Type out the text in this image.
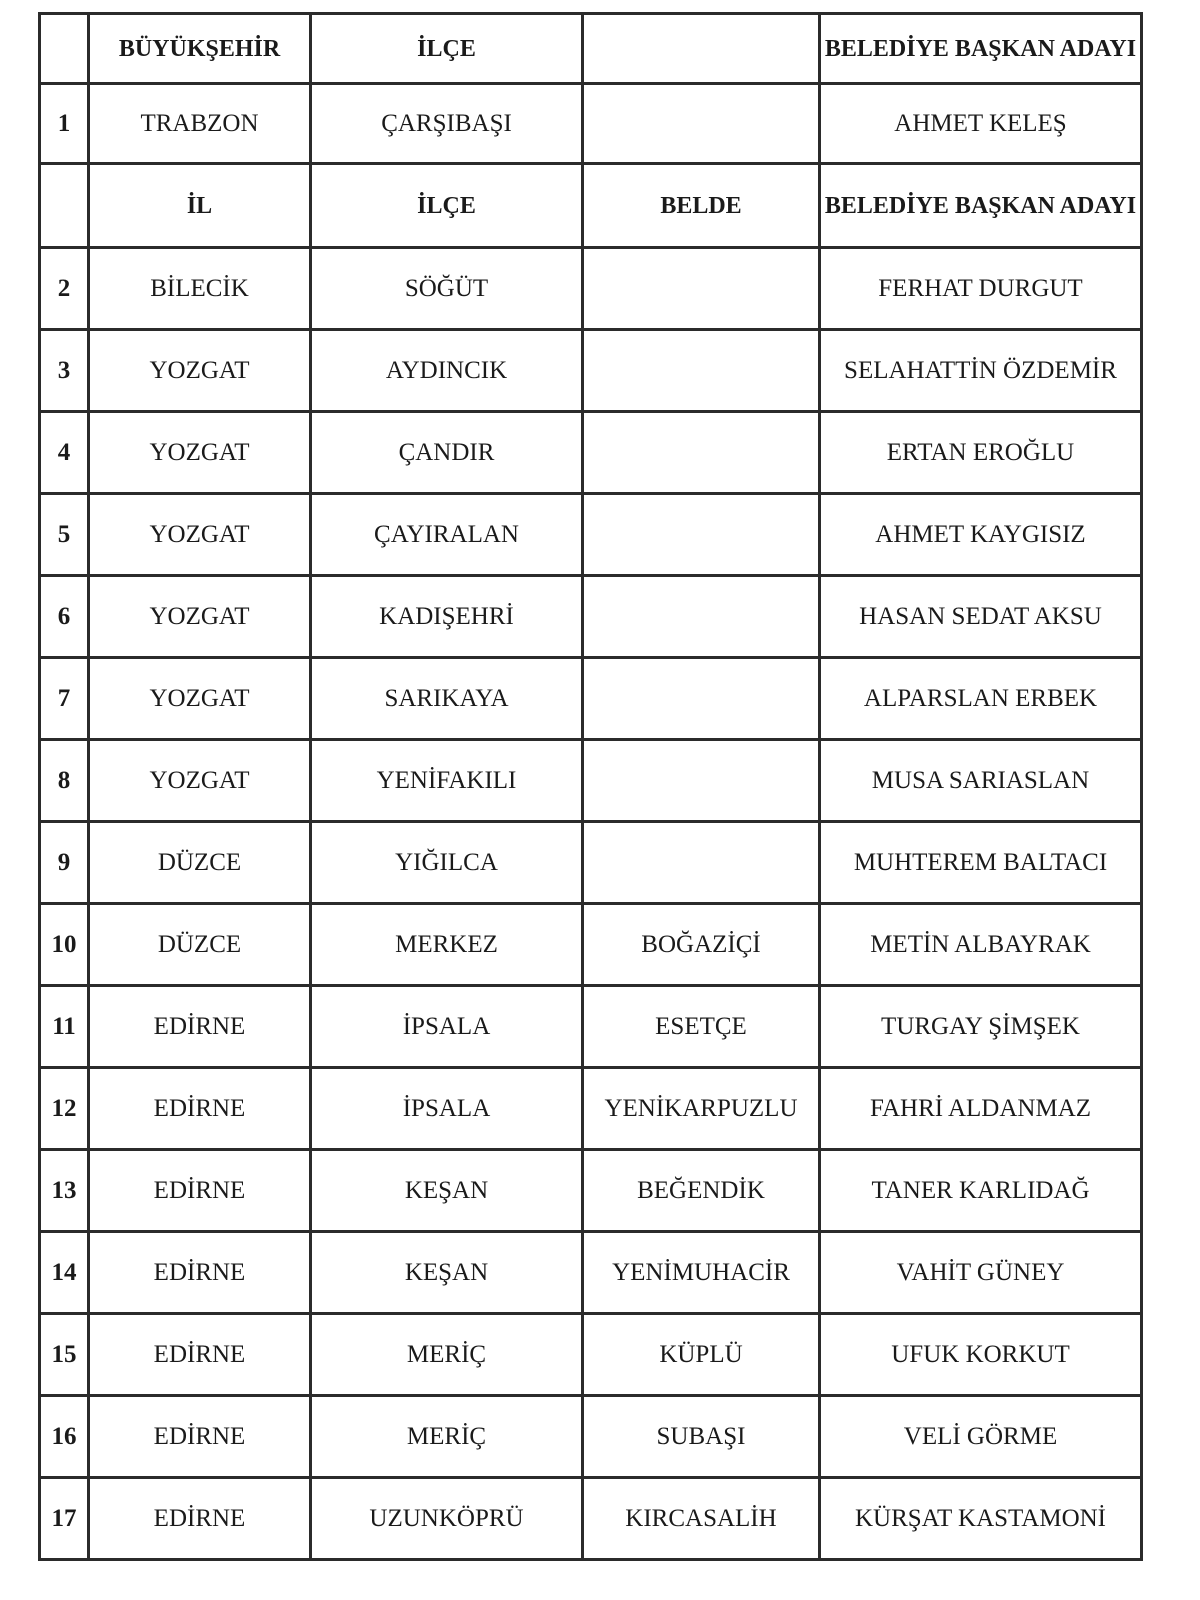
	BÜYÜKŞEHİR	İLÇE		BELEDİYE BAŞKAN ADAYI
1	TRABZON	ÇARŞIBAŞI		AHMET KELEŞ
	İL	İLÇE	BELDE	BELEDİYE BAŞKAN ADAYI
2	BİLECİK	SÖĞÜT		FERHAT DURGUT
3	YOZGAT	AYDINCIK		SELAHATTİN ÖZDEMİR
4	YOZGAT	ÇANDIR		ERTAN EROĞLU
5	YOZGAT	ÇAYIRALAN		AHMET KAYGISIZ
6	YOZGAT	KADIŞEHRİ		HASAN SEDAT AKSU
7	YOZGAT	SARIKAYA		ALPARSLAN ERBEK
8	YOZGAT	YENİFAKILI		MUSA SARIASLAN
9	DÜZCE	YIĞILCA		MUHTEREM BALTACI
10	DÜZCE	MERKEZ	BOĞAZİÇİ	METİN ALBAYRAK
11	EDİRNE	İPSALA	ESETÇE	TURGAY ŞİMŞEK
12	EDİRNE	İPSALA	YENİKARPUZLU	FAHRİ ALDANMAZ
13	EDİRNE	KEŞAN	BEĞENDİK	TANER KARLIDAĞ
14	EDİRNE	KEŞAN	YENİMUHACİR	VAHİT GÜNEY
15	EDİRNE	MERİÇ	KÜPLÜ	UFUK KORKUT
16	EDİRNE	MERİÇ	SUBAŞI	VELİ GÖRME
17	EDİRNE	UZUNKÖPRÜ	KIRCASALİH	KÜRŞAT KASTAMONİ
